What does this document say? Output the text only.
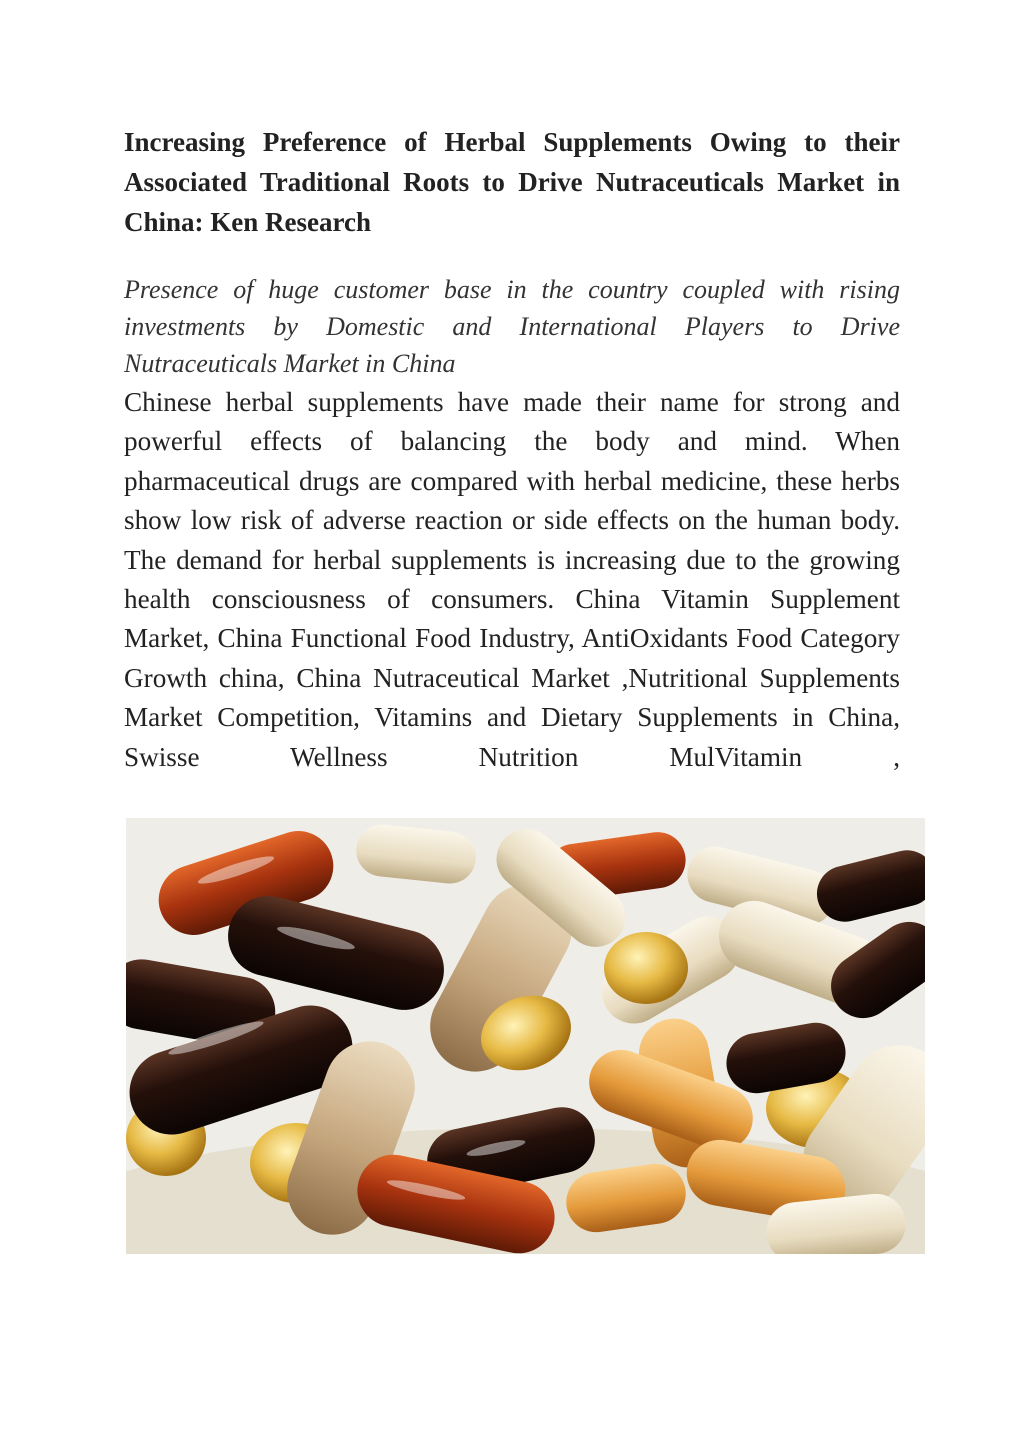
Increasing Preference of Herbal Supplements Owing to their Associated Traditional Roots to Drive Nutraceuticals Market in China: Ken Research

Presence of huge customer base in the country coupled with rising investments by Domestic and International Players to Drive Nutraceuticals Market in China

Chinese herbal supplements have made their name for strong and powerful effects of balancing the body and mind. When pharmaceutical drugs are compared with herbal medicine, these herbs show low risk of adverse reaction or side effects on the human body. The demand for herbal supplements is increasing due to the growing health consciousness of consumers. China Vitamin Supplement Market, China Functional Food Industry, AntiOxidants Food Category Growth china, China Nutraceutical Market ,Nutritional Supplements Market Competition, Vitamins and Dietary Supplements in China, Swisse Wellness Nutrition MulVitamin ,
